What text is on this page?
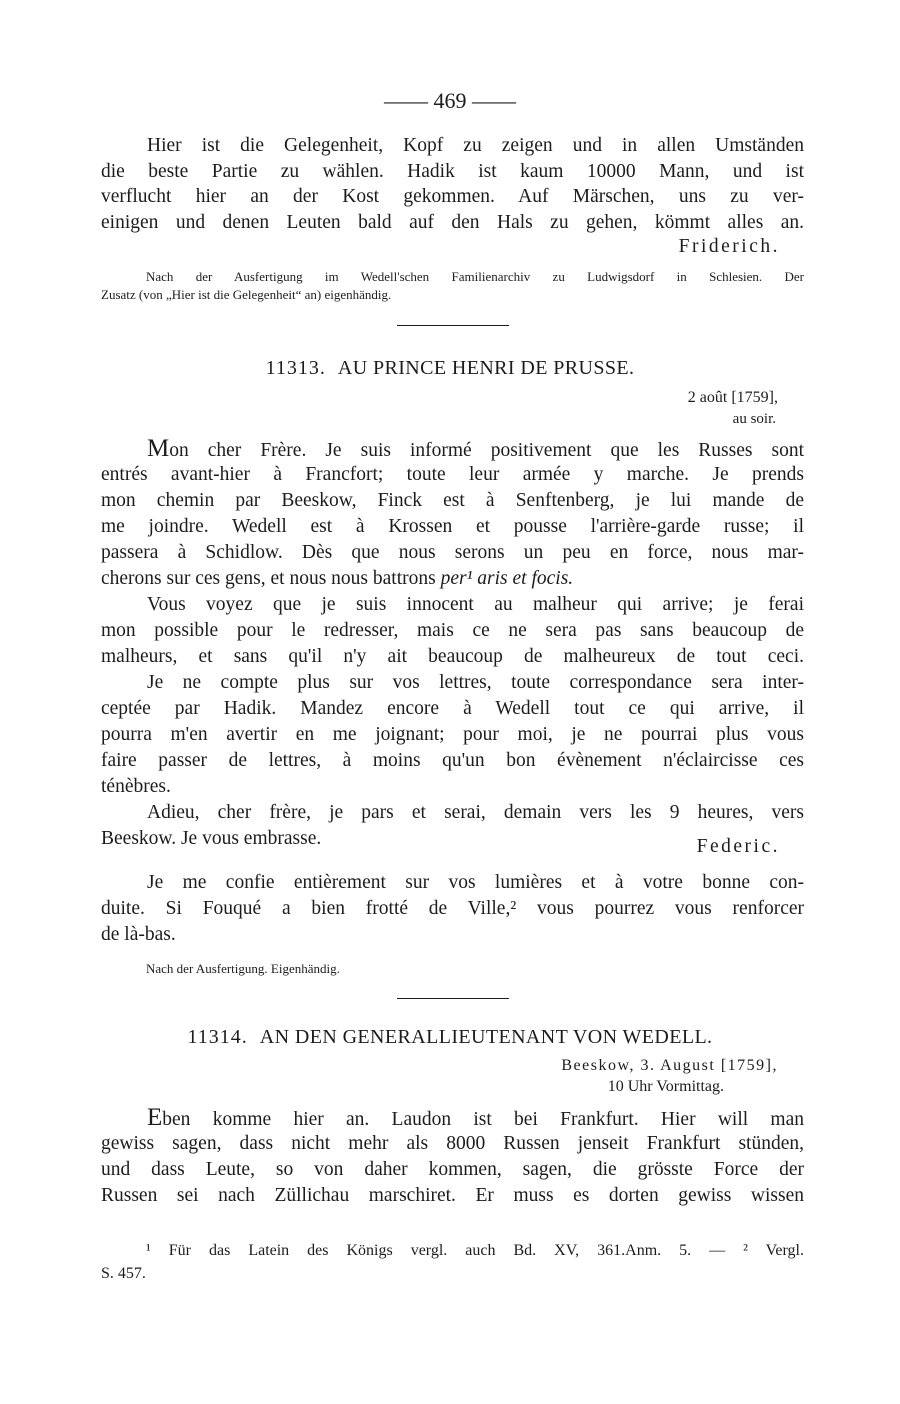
—— 469 ——
Hier ist die Gelegenheit, Kopf zu zeigen und in allen Umständen
die beste Partie zu wählen. Hadik ist kaum 10000 Mann, und ist
verflucht hier an der Kost gekommen. Auf Märschen, uns zu ver-
einigen und denen Leuten bald auf den Hals zu gehen, kömmt alles an.
Friderich.
Nach der Ausfertigung im Wedell'schen Familienarchiv zu Ludwigsdorf in Schlesien. Der
Zusatz (von „Hier ist die Gelegenheit“ an) eigenhändig.
11313. AU PRINCE HENRI DE PRUSSE.
2 août [1759],
au soir.
Mon cher Frère. Je suis informé positivement que les Russes sont
entrés avant-hier à Francfort; toute leur armée y marche. Je prends
mon chemin par Beeskow, Finck est à Senftenberg, je lui mande de
me joindre. Wedell est à Krossen et pousse l'arrière-garde russe; il
passera à Schidlow. Dès que nous serons un peu en force, nous mar-
cherons sur ces gens, et nous nous battrons per¹ aris et focis.
Vous voyez que je suis innocent au malheur qui arrive; je ferai
mon possible pour le redresser, mais ce ne sera pas sans beaucoup de
malheurs, et sans qu'il n'y ait beaucoup de malheureux de tout ceci.
Je ne compte plus sur vos lettres, toute correspondance sera inter-
ceptée par Hadik. Mandez encore à Wedell tout ce qui arrive, il
pourra m'en avertir en me joignant; pour moi, je ne pourrai plus vous
faire passer de lettres, à moins qu'un bon évènement n'éclaircisse ces
ténèbres.
Adieu, cher frère, je pars et serai, demain vers les 9 heures, vers
Beeskow. Je vous embrasse.	Federic.
Je me confie entièrement sur vos lumières et à votre bonne con-
duite. Si Fouqué a bien frotté de Ville,² vous pourrez vous renforcer
de là-bas.
Nach der Ausfertigung. Eigenhändig.
11314. AN DEN GENERALLIEUTENANT VON WEDELL.
Beeskow, 3. August [1759],
10 Uhr Vormittag.
Eben komme hier an. Laudon ist bei Frankfurt. Hier will man
gewiss sagen, dass nicht mehr als 8000 Russen jenseit Frankfurt stünden,
und dass Leute, so von daher kommen, sagen, die grösste Force der
Russen sei nach Züllichau marschiret. Er muss es dorten gewiss wissen
¹ Für das Latein des Königs vergl. auch Bd. XV, 361.Anm. 5. — ² Vergl.
S. 457.
